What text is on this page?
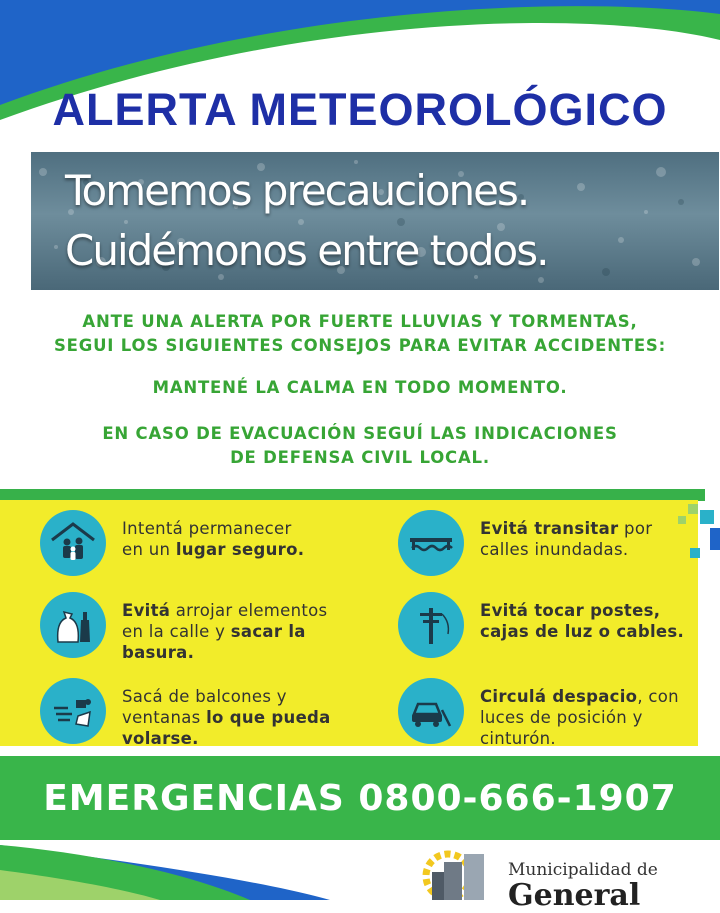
ALERTA METEOROLÓGICO
Tomemos precauciones.
Cuidémonos entre todos.
ANTE UNA ALERTA POR FUERTE LLUVIAS Y TORMENTAS,
SEGUI LOS SIGUIENTES CONSEJOS PARA EVITAR ACCIDENTES:
MANTENÉ LA CALMA EN TODO MOMENTO.
EN CASO DE EVACUACIÓN SEGUÍ LAS INDICACIONES
DE DEFENSA CIVIL LOCAL.
Intentá permanecer
en un lugar seguro.
Evitá transitar por
calles inundadas.
Evitá arrojar elementos
en la calle y sacar la
basura.
Evitá tocar postes,
cajas de luz o cables.
Sacá de balcones y
ventanas lo que pueda
volarse.
Circulá despacio, con
luces de posición y
cinturón.
EMERGENCIAS 0800-666-1907
Municipalidad de
General
